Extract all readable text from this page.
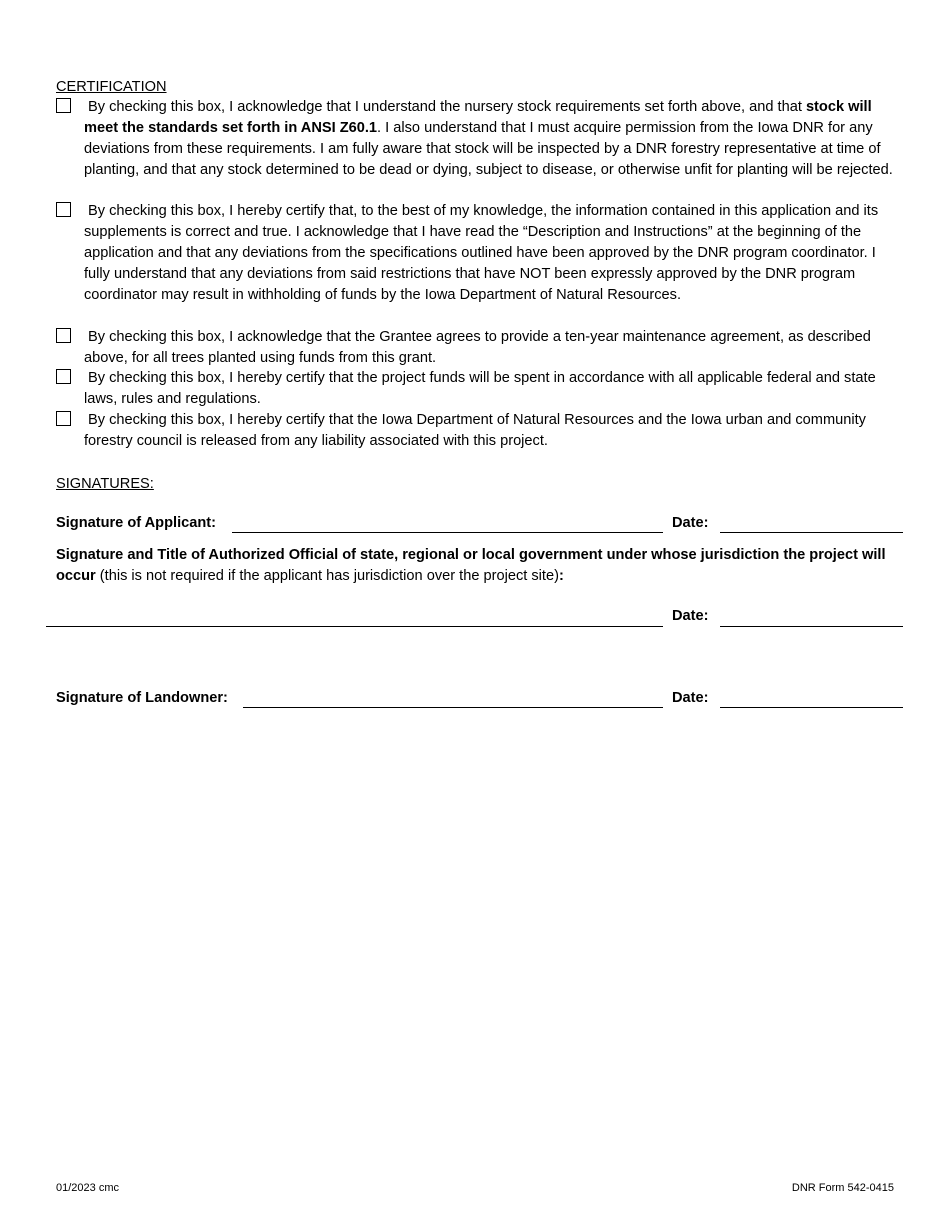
CERTIFICATION
By checking this box, I acknowledge that I understand the nursery stock requirements set forth above, and that stock will meet the standards set forth in ANSI Z60.1. I also understand that I must acquire permission from the Iowa DNR for any deviations from these requirements. I am fully aware that stock will be inspected by a DNR forestry representative at time of planting, and that any stock determined to be dead or dying, subject to disease, or otherwise unfit for planting will be rejected.
By checking this box, I hereby certify that, to the best of my knowledge, the information contained in this application and its supplements is correct and true. I acknowledge that I have read the “Description and Instructions” at the beginning of the application and that any deviations from the specifications outlined have been approved by the DNR program coordinator. I fully understand that any deviations from said restrictions that have NOT been expressly approved by the DNR program coordinator may result in withholding of funds by the Iowa Department of Natural Resources.
By checking this box, I acknowledge that the Grantee agrees to provide a ten-year maintenance agreement, as described above, for all trees planted using funds from this grant.
By checking this box, I hereby certify that the project funds will be spent in accordance with all applicable federal and state laws, rules and regulations.
By checking this box, I hereby certify that the Iowa Department of Natural Resources and the Iowa urban and community forestry council is released from any liability associated with this project.
SIGNATURES:
Signature of Applicant:	Date:
Signature and Title of Authorized Official of state, regional or local government under whose jurisdiction the project will occur (this is not required if the applicant has jurisdiction over the project site):
Date:
Signature of Landowner:	Date:
01/2023 cmc	DNR Form 542-0415
